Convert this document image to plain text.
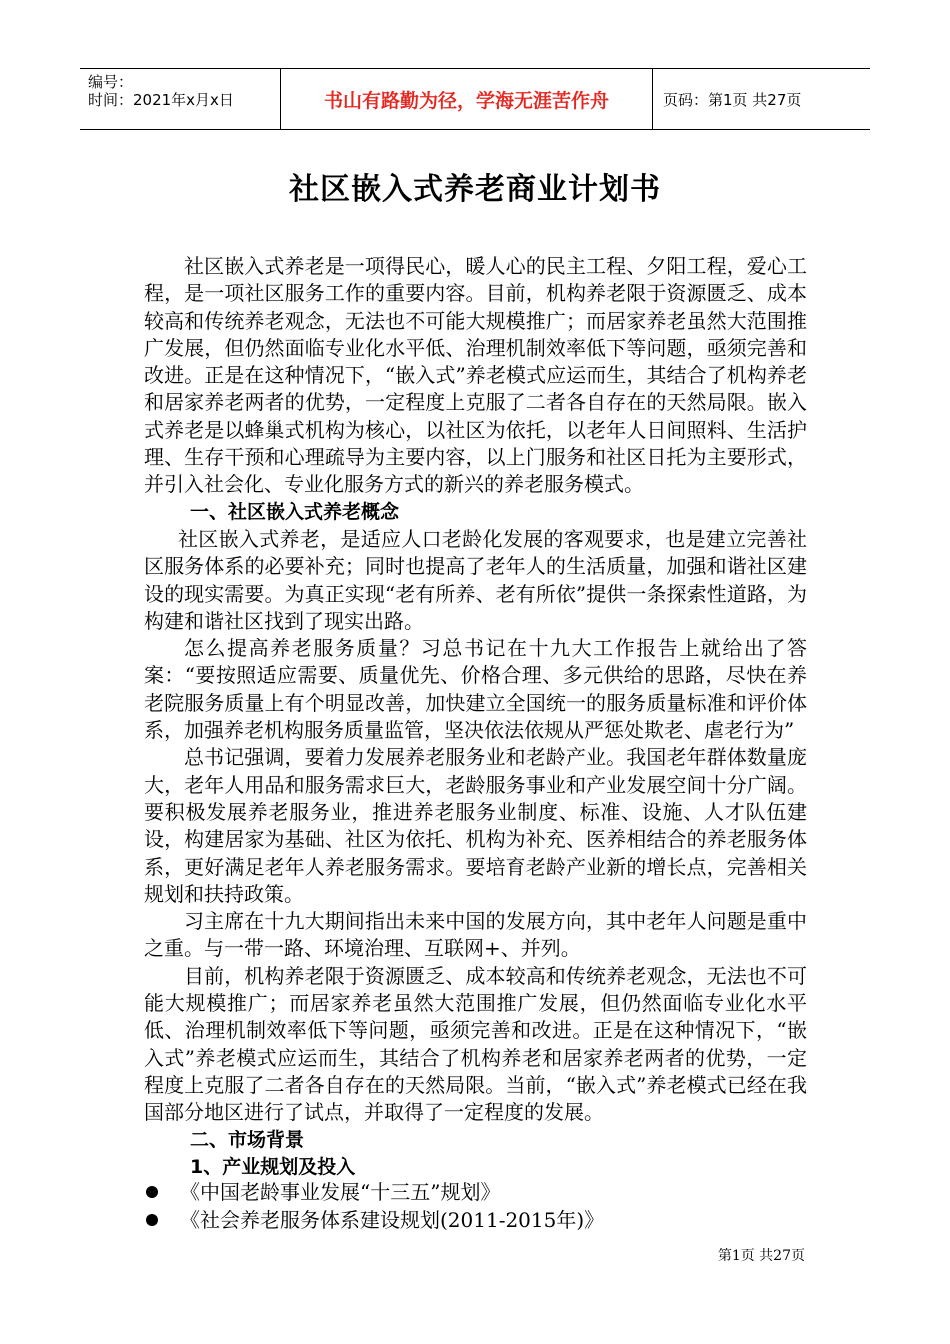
编号：
时间：2021年x月x日	书山有路勤为径，学海无涯苦作舟	页码：第1页 共27页
社区嵌入式养老商业计划书

社区嵌入式养老是一项得民心，暖人心的民主工程、夕阳工程，爱心工程，是一项社区服务工作的重要内容。目前，机构养老限于资源匮乏、成本较高和传统养老观念，无法也不可能大规模推广；而居家养老虽然大范围推广发展，但仍然面临专业化水平低、治理机制效率低下等问题，亟须完善和改进。正是在这种情况下，“嵌入式”养老模式应运而生，其结合了机构养老和居家养老两者的优势，一定程度上克服了二者各自存在的天然局限。嵌入式养老是以蜂巢式机构为核心，以社区为依托，以老年人日间照料、生活护理、生存干预和心理疏导为主要内容，以上门服务和社区日托为主要形式，并引入社会化、专业化服务方式的新兴的养老服务模式。

一、社区嵌入式养老概念

社区嵌入式养老，是适应人口老龄化发展的客观要求，也是建立完善社区服务体系的必要补充；同时也提高了老年人的生活质量，加强和谐社区建设的现实需要。为真正实现“老有所养、老有所依”提供一条探索性道路，为构建和谐社区找到了现实出路。

怎么提高养老服务质量？习总书记在十九大工作报告上就给出了答案：“要按照适应需要、质量优先、价格合理、多元供给的思路，尽快在养老院服务质量上有个明显改善，加快建立全国统一的服务质量标准和评价体系，加强养老机构服务质量监管，坚决依法依规从严惩处欺老、虐老行为”

总书记强调，要着力发展养老服务业和老龄产业。我国老年群体数量庞大，老年人用品和服务需求巨大，老龄服务事业和产业发展空间十分广阔。要积极发展养老服务业，推进养老服务业制度、标准、设施、人才队伍建设，构建居家为基础、社区为依托、机构为补充、医养相结合的养老服务体系，更好满足老年人养老服务需求。要培育老龄产业新的增长点，完善相关规划和扶持政策。

习主席在十九大期间指出未来中国的发展方向，其中老年人问题是重中之重。与一带一路、环境治理、互联网+、并列。

目前，机构养老限于资源匮乏、成本较高和传统养老观念，无法也不可能大规模推广；而居家养老虽然大范围推广发展，但仍然面临专业化水平低、治理机制效率低下等问题，亟须完善和改进。正是在这种情况下，“嵌入式”养老模式应运而生，其结合了机构养老和居家养老两者的优势，一定程度上克服了二者各自存在的天然局限。当前，“嵌入式”养老模式已经在我国部分地区进行了试点，并取得了一定程度的发展。

二、市场背景
1、产业规划及投入
《中国老龄事业发展“十三五”规划》
《社会养老服务体系建设规划(2011-2015年)》
第1页 共27页
